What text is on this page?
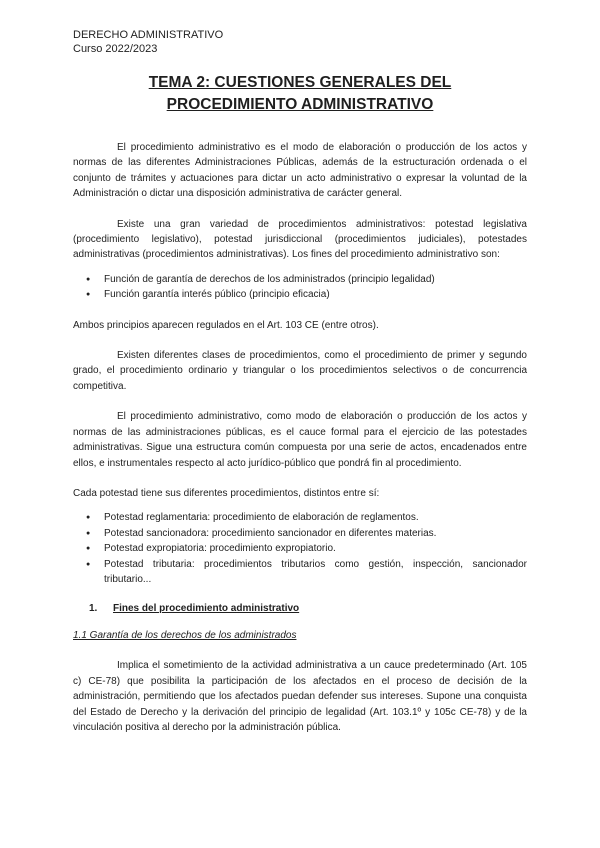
DERECHO ADMINISTRATIVO
Curso 2022/2023
TEMA 2: CUESTIONES GENERALES DEL PROCEDIMIENTO ADMINISTRATIVO

El procedimiento administrativo es el modo de elaboración o producción de los actos y normas de las diferentes Administraciones Públicas, además de la estructuración ordenada o el conjunto de trámites y actuaciones para dictar un acto administrativo o expresar la voluntad de la Administración o dictar una disposición administrativa de carácter general.

Existe una gran variedad de procedimientos administrativos: potestad legislativa (procedimiento legislativo), potestad jurisdiccional (procedimientos judiciales), potestades administrativas (procedimientos administrativas). Los fines del procedimiento administrativo son:

● Función de garantía de derechos de los administrados (principio legalidad)
● Función garantía interés público (principio eficacia)

Ambos principios aparecen regulados en el Art. 103 CE (entre otros).

Existen diferentes clases de procedimientos, como el procedimiento de primer y segundo grado, el procedimiento ordinario y triangular o los procedimientos selectivos o de concurrencia competitiva.

El procedimiento administrativo, como modo de elaboración o producción de los actos y normas de las administraciones públicas, es el cauce formal para el ejercicio de las potestades administrativas. Sigue una estructura común compuesta por una serie de actos, encadenados entre ellos, e instrumentales respecto al acto jurídico-público que pondrá fin al procedimiento.

Cada potestad tiene sus diferentes procedimientos, distintos entre sí:

● Potestad reglamentaria: procedimiento de elaboración de reglamentos.
● Potestad sancionadora: procedimiento sancionador en diferentes materias.
● Potestad expropiatoria: procedimiento expropiatorio.
● Potestad tributaria: procedimientos tributarios como gestión, inspección, sancionador tributario...
1. Fines del procedimiento administrativo
1.1 Garantía de los derechos de los administrados

Implica el sometimiento de la actividad administrativa a un cauce predeterminado (Art. 105 c) CE-78) que posibilita la participación de los afectados en el proceso de decisión de la administración, permitiendo que los afectados puedan defender sus intereses. Supone una conquista del Estado de Derecho y la derivación del principio de legalidad (Art. 103.1º y 105c CE-78) y de la vinculación positiva al derecho por la administración pública.
